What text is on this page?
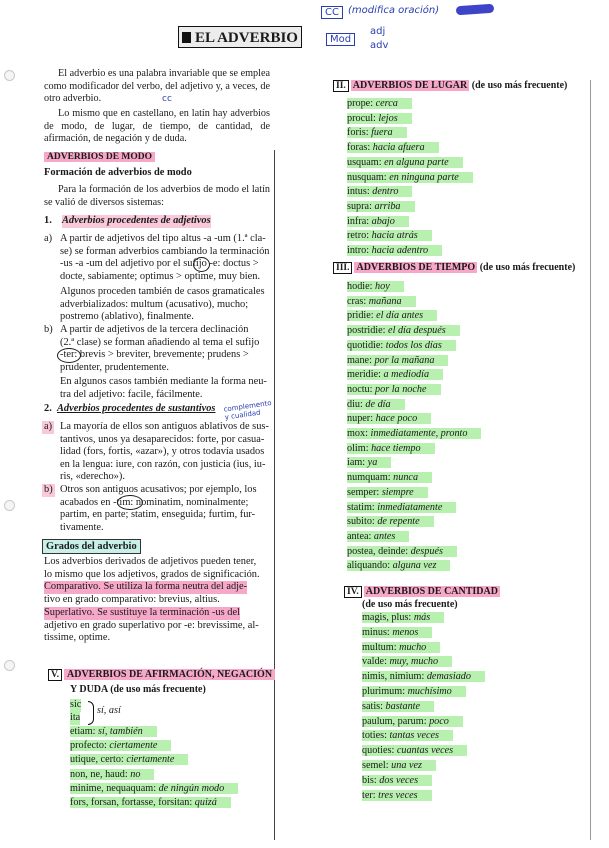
EL ADVERBIO
CC (modifica oración)
Mod
adj
adv
cc
complemento y cualidad
El adverbio es una palabra invariable que se emplea como modificador del verbo, del adjetivo y, a veces, de otro adverbio.
Lo mismo que en castellano, en latín hay adverbios de modo, de lugar, de tiempo, de cantidad, de afirmación, de negación y de duda.
ADVERBIOS DE MODO
Formación de adverbios de modo
Para la formación de los adverbios de modo el latín se valió de diversos sistemas:
1. Adverbios procedentes de adjetivos
a) A partir de adjetivos del tipo altus -a -um (1.ª cla-
se) se forman adverbios cambiando la terminación
-us -a -um del adjetivo por el sufijo -e: doctus >
docte, sabiamente; optimus > optime, muy bien.
Algunos proceden también de casos gramaticales
adverbializados: multum (acusativo), mucho;
postremo (ablativo), finalmente.
b) A partir de adjetivos de la tercera declinación
(2.ª clase) se forman añadiendo al tema el sufijo
-ter: brevis > breviter, brevemente; prudens >
prudenter, prudentemente.
En algunos casos también mediante la forma neu-
tra del adjetivo: facile, fácilmente.
2. Adverbios procedentes de sustantivos
a) La mayoría de ellos son antiguos ablativos de sus-
tantivos, unos ya desaparecidos: forte, por casua-
lidad (fors, fortis, «azar»), y otros todavía usados
en la lengua: iure, con razón, con justicia (ius, iu-
ris, «derecho»).
b) Otros son antiguos acusativos; por ejemplo, los
acabados en -tim: nominatim, nominalmente;
partim, en parte; statim, enseguida; furtim, fur-
tivamente.
Grados del adverbio
Los adverbios derivados de adjetivos pueden tener,
lo mismo que los adjetivos, grados de significación.
Comparativo. Se utiliza la forma neutra del adje-
tivo en grado comparativo: brevius, altius.
Superlativo. Se sustituye la terminación -us del
adjetivo en grado superlativo por -e: brevissime, al-
tissime, optime.
V. ADVERBIOS DE AFIRMACIÓN, NEGACIÓN
Y DUDA (de uso más frecuente)
sic
ita
sí, así
etiam: sí, también
profecto: ciertamente
utique, certo: ciertamente
non, ne, haud: no
minime, nequaquam: de ningún modo
fors, forsan, fortasse, forsitan: quizá
II. ADVERBIOS DE LUGAR (de uso más frecuente)
prope: cerca
procul: lejos
foris: fuera
foras: hacia afuera
usquam: en alguna parte
nusquam: en ninguna parte
intus: dentro
supra: arriba
infra: abajo
retro: hacia atrás
intro: hacia adentro
III. ADVERBIOS DE TIEMPO (de uso más frecuente)
hodie: hoy
cras: mañana
pridie: el día antes
postridie: el día después
quotidie: todos los días
mane: por la mañana
meridie: a mediodía
noctu: por la noche
diu: de día
nuper: hace poco
mox: inmediatamente, pronto
olim: hace tiempo
iam: ya
numquam: nunca
semper: siempre
statim: inmediatamente
subito: de repente
antea: antes
postea, deinde: después
aliquando: alguna vez
IV. ADVERBIOS DE CANTIDAD
(de uso más frecuente)
magis, plus: más
minus: menos
multum: mucho
valde: muy, mucho
nimis, nimium: demasiado
plurimum: muchísimo
satis: bastante
paulum, parum: poco
toties: tantas veces
quoties: cuantas veces
semel: una vez
bis: dos veces
ter: tres veces
